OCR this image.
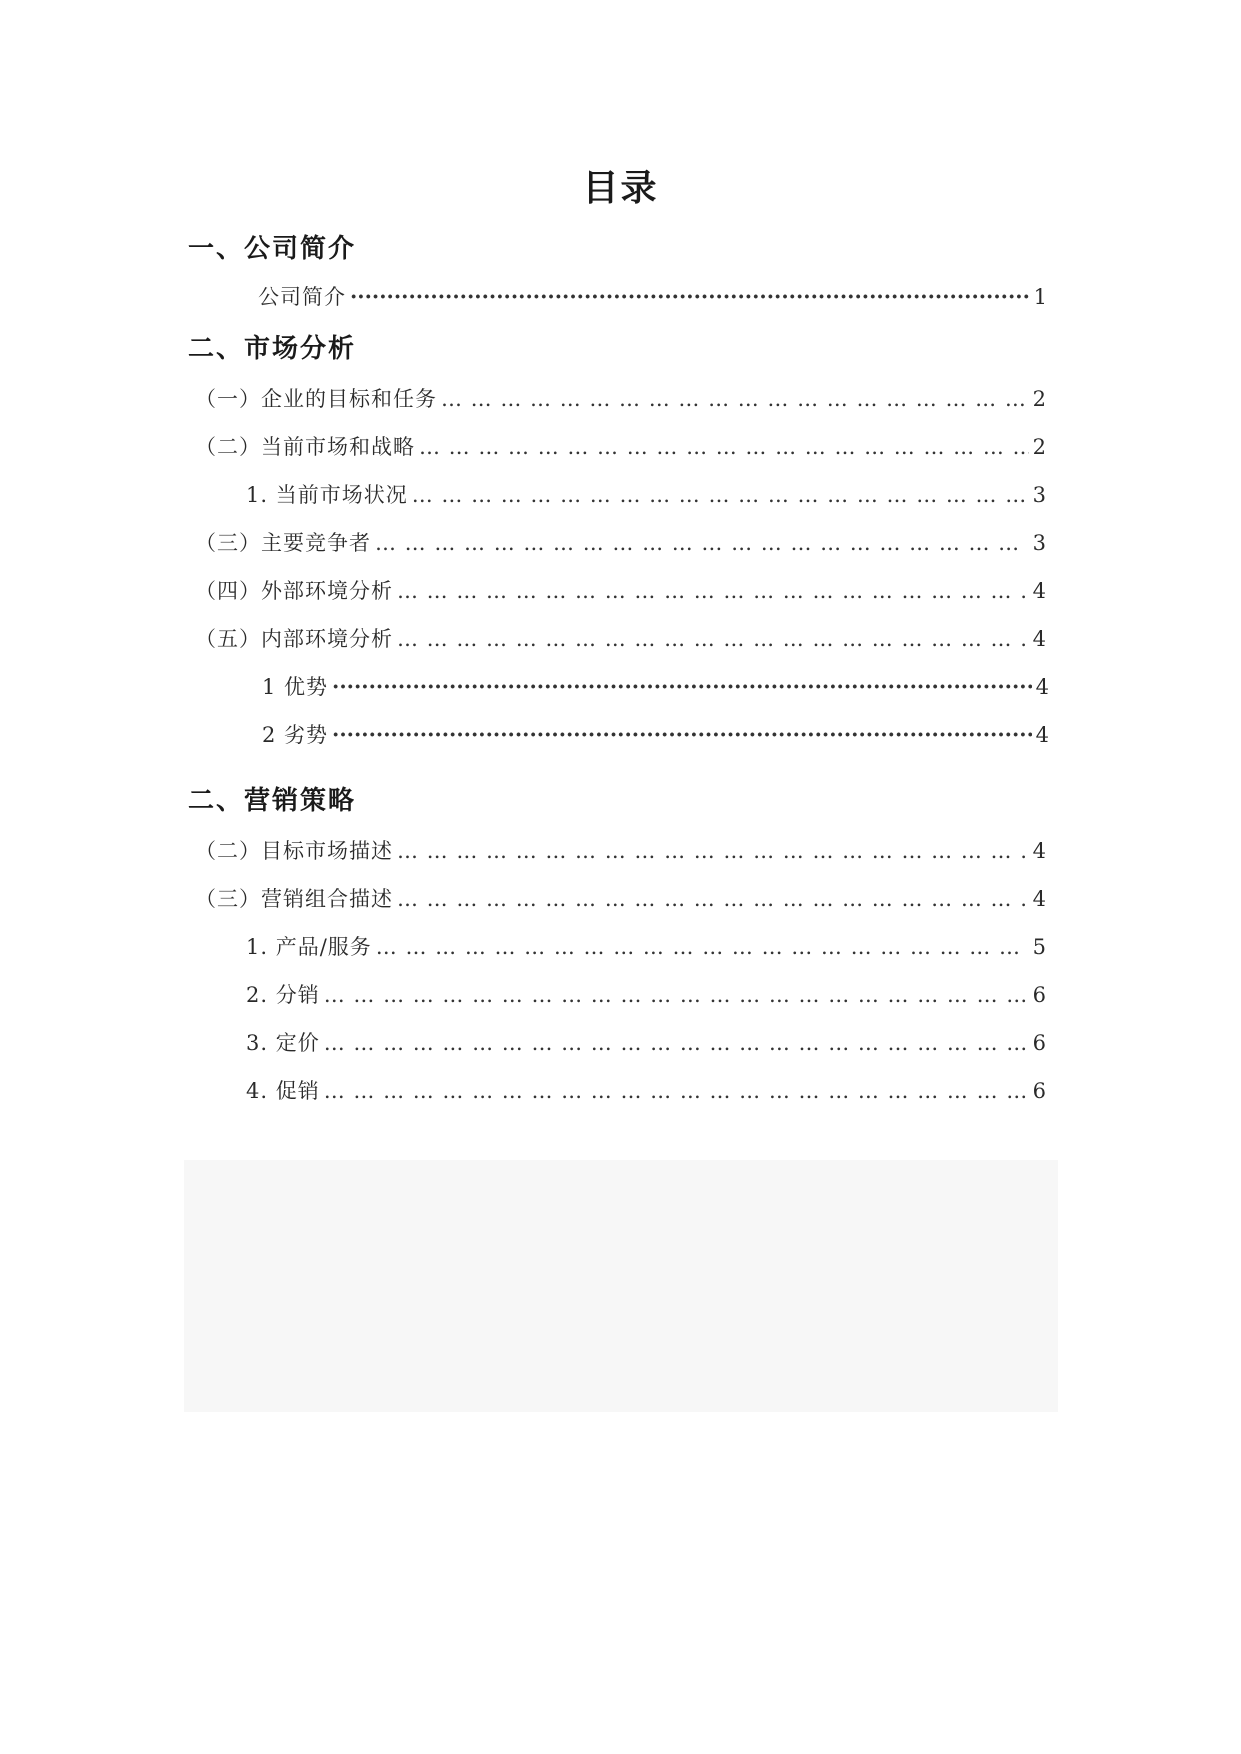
目录
一、公司简介
公司简介 ·····	1
二、市场分析
（一）企业的目标和任务 … … … … … … … … … … … … … … … … … … … … … … … … … … … … … … … … … … … … … … … … … … … … … … … … … … … … … … … … … … … … … … … … … … …	2
（二）当前市场和战略 … … … … … … … … … … … … … … … … … … … … … … … … … … … … … … … … … … … … … … … … … … … … … … … … … … … … … … … … … … … … … … … … … … …	2
1. 当前市场状况 … … … … … … … … … … … … … … … … … … … … … … … … … … … … … … … … … … … … … … … … … … … … … … … … … … … … … … … … … … … … … … … … … … …	3
（三）主要竞争者 … … … … … … … … … … … … … … … … … … … … … … … … … … … … … … … … … … … … … … … … … … … … … … … … … … … … … … … … … … … … … … … … … … …	3
（四）外部环境分析 … … … … … … … … … … … … … … … … … … … … … … … … … … … … … … … … … … … … … … … … … … … … … … … … … … … … … … … … … … … … … … … … … … …	4
（五）内部环境分析 … … … … … … … … … … … … … … … … … … … … … … … … … … … … … … … … … … … … … … … … … … … … … … … … … … … … … … … … … … … … … … … … … … …	4
1 优势 ·····	4
2 劣势 ·····	4
二、营销策略
（二）目标市场描述 … … … … … … … … … … … … … … … … … … … … … … … … … … … … … … … … … … … … … … … … … … … … … … … … … … … … … … … … … … … … … … … … … … …	4
（三）营销组合描述 … … … … … … … … … … … … … … … … … … … … … … … … … … … … … … … … … … … … … … … … … … … … … … … … … … … … … … … … … … … … … … … … … … …	4
1. 产品/服务 … … … … … … … … … … … … … … … … … … … … … … … … … … … … … … … … … … … … … … … … … … … … … … … … … … … … … … … … … … … … … … … … … … …	5
2. 分销 … … … … … … … … … … … … … … … … … … … … … … … … … … … … … … … … … … … … … … … … … … … … … … … … … … … … … … … … … … … … … … … … … … …	6
3. 定价 … … … … … … … … … … … … … … … … … … … … … … … … … … … … … … … … … … … … … … … … … … … … … … … … … … … … … … … … … … … … … … … … … … …	6
4. 促销 … … … … … … … … … … … … … … … … … … … … … … … … … … … … … … … … … … … … … … … … … … … … … … … … … … … … … … … … … … … … … … … … … … …	6
